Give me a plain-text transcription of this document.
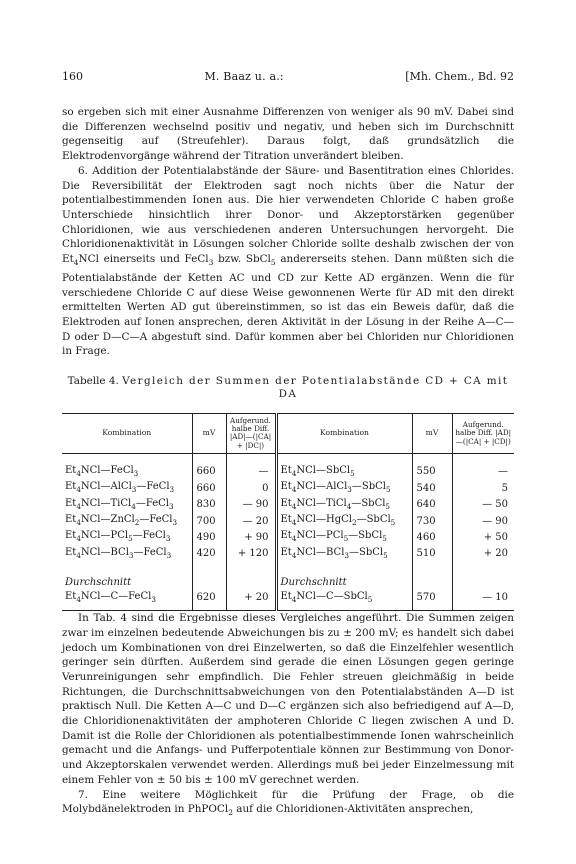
160	M. Baaz u. a.:	[Mh. Chem., Bd. 92

so ergeben sich mit einer Ausnahme Differenzen von weniger als 90 mV. Dabei sind die Differenzen wechselnd positiv und negativ, und heben sich im Durchschnitt gegenseitig auf (Streufehler). Daraus folgt, daß grundsätzlich die Elektrodenvorgänge während der Titration unverändert bleiben.

6. Addition der Potentialabstände der Säure- und Basentitration eines Chlorides. Die Reversibilität der Elektroden sagt noch nichts über die Natur der potentialbestimmenden Ionen aus. Die hier verwendeten Chloride C haben große Unterschiede hinsichtlich ihrer Donor- und Akzeptorstärken gegenüber Chloridionen, wie aus verschiedenen anderen Untersuchungen hervorgeht. Die Chloridionenaktivität in Lösungen solcher Chloride sollte deshalb zwischen der von $Et_4NCl$ einerseits und FeCl$_3$ bzw. SbCl$_5$ andererseits stehen. Dann müßten sich die Potentialabstände der Ketten AC und CD zur Kette AD ergänzen. Wenn die für verschiedene Chloride C auf diese Weise gewonnenen Werte für AD mit den direkt ermittelten Werten AD gut übereinstimmen, so ist das ein Beweis dafür, daß die Elektroden auf Ionen ansprechen, deren Aktivität in der Lösung in der Reihe A—C—D oder D—C—A abgestuft sind. Dafür kommen aber bei Chloriden nur Chloridionen in Frage.

Tabelle 4. Vergleich der Summen der Potentialabstände CD + CA mit DA
Kombination	mV	Aufgerund. halbe Diff. |AD|—(|CA| + |DC|)	Kombination	mV	Aufgerund. halbe Diff. |AD|—(|CA| + |CD|)

$Et_4NCl—FeCl_3$	660	—	$Et_4NCl—SbCl_5$	550	—
$Et_4NCl—AlCl_3—FeCl_3$	660	0	$Et_4NCl—AlCl_3—SbCl_5$	540	5
$Et_4NCl—TiCl_4—FeCl_3$	830	— 90	$Et_4NCl—TiCl_4—SbCl_5$	640	— 50
$Et_4NCl—ZnCl_2—FeCl_3$	700	— 20	$Et_4NCl—HgCl_2—SbCl_5$	730	— 90
$Et_4NCl—PCl_5—FeCl_3$	490	+ 90	$Et_4NCl—PCl_5—SbCl_5$	460	+ 50
$Et_4NCl—BCl_3—FeCl_3$	420	+ 120	$Et_4NCl—BCl_3—SbCl_5$	510	+ 20

Durchschnitt			Durchschnitt		
$Et_4NCl—C—FeCl_3$	620	+ 20	$Et_4NCl—C—SbCl_5$	570	— 10

In Tab. 4 sind die Ergebnisse dieses Vergleiches angeführt. Die Summen zeigen zwar im einzelnen bedeutende Abweichungen bis zu ± 200 mV; es handelt sich dabei jedoch um Kombinationen von drei Einzelwerten, so daß die Einzelfehler wesentlich geringer sein dürften. Außerdem sind gerade die einen Lösungen gegen geringe Verunreinigungen sehr empfindlich. Die Fehler streuen gleichmäßig in beide Richtungen, die Durchschnittsabweichungen von den Potentialabständen A—D ist praktisch Null. Die Ketten A—C und D—C ergänzen sich also befriedigend auf A—D, die Chloridionenaktivitäten der amphoteren Chloride C liegen zwischen A und D. Damit ist die Rolle der Chloridionen als potentialbestimmende Ionen wahrscheinlich gemacht und die Anfangs- und Pufferpotentiale können zur Bestimmung von Donor- und Akzeptorskalen verwendet werden. Allerdings muß bei jeder Einzelmessung mit einem Fehler von ± 50 bis ± 100 mV gerechnet werden.

7. Eine weitere Möglichkeit für die Prüfung der Frage, ob die Molybdänelektroden in PhPOCl$_2$ auf die Chloridionen-Aktivitäten ansprechen,
